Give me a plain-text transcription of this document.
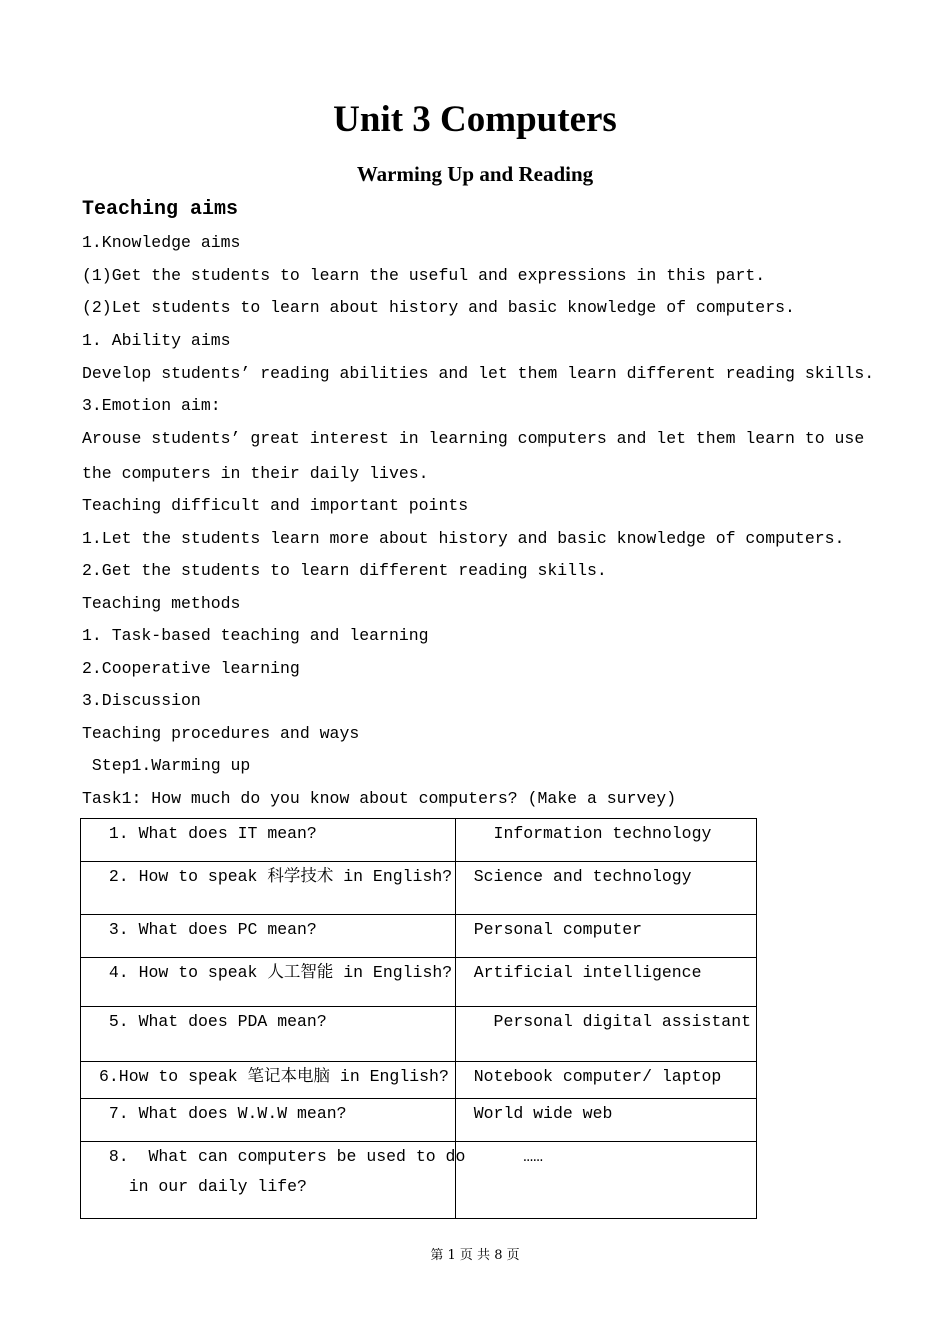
Unit 3 Computers
Warming Up and Reading
Teaching aims
1.Knowledge aims
(1)Get the students to learn the useful and expressions in this part.
(2)Let students to learn about history and basic knowledge of computers.
1. Ability aims
Develop students’ reading abilities and let them learn different reading skills.
3.Emotion aim:
Arouse students’ great interest in learning computers and let them learn to use
the computers in their daily lives.
Teaching difficult and important points
1.Let the students learn more about history and basic knowledge of computers.
2.Get the students to learn different reading skills.
Teaching methods
1. Task-based teaching and learning
2.Cooperative learning
3.Discussion
Teaching procedures and ways
Step1.Warming up
Task1: How much do you know about computers? (Make a survey)
1. What does IT mean?	Information technology

2. How to speak 科学技术 in English?	Science and technology

3. What does PC mean?	Personal computer

4. How to speak 人工智能 in English?	Artificial intelligence

5. What does PDA mean?	Personal digital assistant

6.How to speak 笔记本电脑 in English?	Notebook computer/ laptop

7. What does W.W.W mean?	World wide web

8.  What can computers be used to do
in our daily life?	……
第 1 页 共 8 页
